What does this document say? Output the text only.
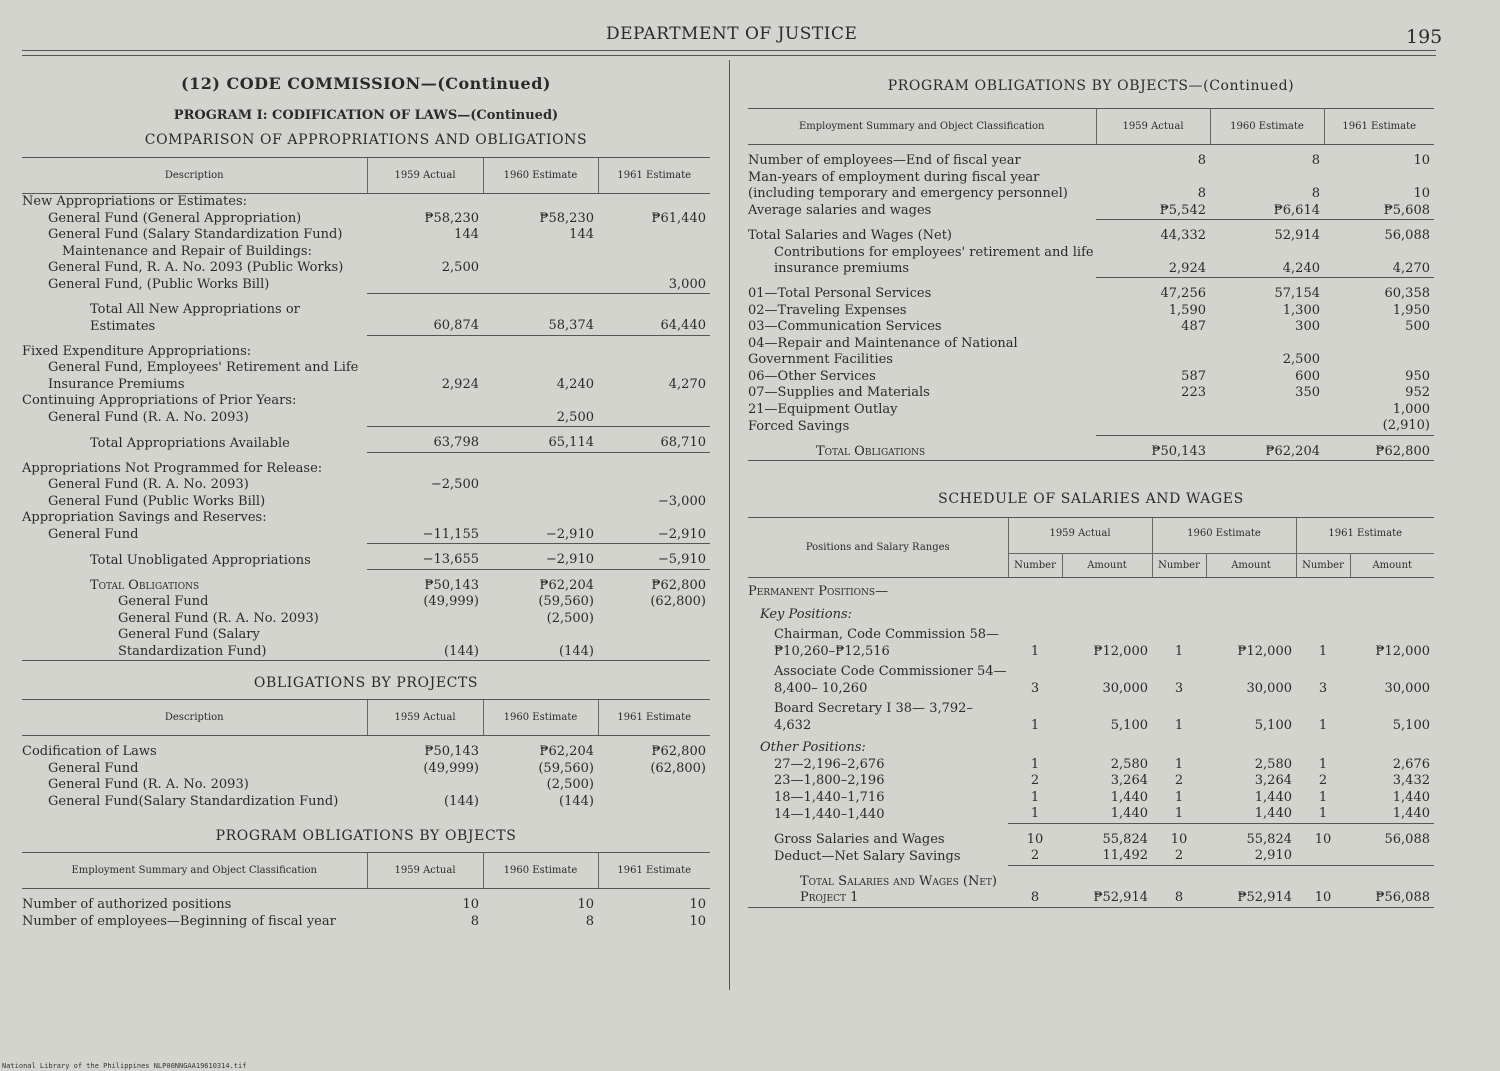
DEPARTMENT OF JUSTICE	195
(12) CODE COMMISSION—(Continued)
PROGRAM I: CODIFICATION OF LAWS—(Continued)
COMPARISON OF APPROPRIATIONS AND OBLIGATIONS
Description	1959 Actual	1960 Estimate	1961 Estimate
New Appropriations or Estimates:			
General Fund (General Appropriation)	₱58,230	₱58,230	₱61,440
General Fund (Salary Standardization Fund)	144	144	
Maintenance and Repair of Buildings:			
General Fund, R. A. No. 2093 (Public Works)	2,500		
General Fund, (Public Works Bill)			3,000

Total All New Appropriations or Estimates	60,874	58,374	64,440

Fixed Expenditure Appropriations:			
General Fund, Employees' Retirement and Life Insurance Premiums	2,924	4,240	4,270
Continuing Appropriations of Prior Years:			
General Fund (R. A. No. 2093)		2,500	

Total Appropriations Available	63,798	65,114	68,710

Appropriations Not Programmed for Release:			
General Fund (R. A. No. 2093)	−2,500		
General Fund (Public Works Bill)			−3,000
Appropriation Savings and Reserves:			
General Fund	−11,155	−2,910	−2,910

Total Unobligated Appropriations	−13,655	−2,910	−5,910

Total Obligations	₱50,143	₱62,204	₱62,800
General Fund	(49,999)	(59,560)	(62,800)
General Fund (R. A. No. 2093)		(2,500)	
General Fund (Salary Standardization Fund)	(144)	(144)	
OBLIGATIONS BY PROJECTS
Description	1959 Actual	1960 Estimate	1961 Estimate

Codification of Laws	₱50,143	₱62,204	₱62,800
General Fund	(49,999)	(59,560)	(62,800)
General Fund (R. A. No. 2093)		(2,500)	
General Fund(Salary Standardization Fund)	(144)	(144)	
PROGRAM OBLIGATIONS BY OBJECTS
Employment Summary and Object Classification	1959 Actual	1960 Estimate	1961 Estimate

Number of authorized positions	10	10	10
Number of employees—Beginning of fiscal year	8	8	10
PROGRAM OBLIGATIONS BY OBJECTS—(Continued)
Employment Summary and Object Classification	1959 Actual	1960 Estimate	1961 Estimate

Number of employees—End of fiscal year	8	8	10
Man-years of employment during fiscal year (including temporary and emergency personnel)	8	8	10
Average salaries and wages	₱5,542	₱6,614	₱5,608

Total Salaries and Wages (Net)	44,332	52,914	56,088
Contributions for employees' retirement and life insurance premiums	2,924	4,240	4,270

01—Total Personal Services	47,256	57,154	60,358
02—Traveling Expenses	1,590	1,300	1,950
03—Communication Services	487	300	500
04—Repair and Maintenance of National Government Facilities		2,500	
06—Other Services	587	600	950
07—Supplies and Materials	223	350	952
21—Equipment Outlay			1,000
Forced Savings			(2,910)

Total Obligations	₱50,143	₱62,204	₱62,800
SCHEDULE OF SALARIES AND WAGES
Positions and Salary Ranges	1959 Actual		1960 Estimate		1961 Estimate	
	Number	Amount	Number	Amount	Number	Amount
Permanent Positions—						
Key Positions:						
Chairman, Code Commission 58—₱10,260–₱12,516	1	₱12,000	1	₱12,000	1	₱12,000
Associate Code Commissioner 54— 8,400– 10,260	3	30,000	3	30,000	3	30,000
Board Secretary I 38— 3,792– 4,632	1	5,100	1	5,100	1	5,100
Other Positions:						
27—2,196–2,676	1	2,580	1	2,580	1	2,676
23—1,800–2,196	2	3,264	2	3,264	2	3,432
18—1,440–1,716	1	1,440	1	1,440	1	1,440
14—1,440–1,440	1	1,440	1	1,440	1	1,440

Gross Salaries and Wages	10	55,824	10	55,824	10	56,088
Deduct—Net Salary Savings	2	11,492	2	2,910		

Total Salaries and Wages (Net) Project 1	8	₱52,914	8	₱52,914	10	₱56,088
National Library of the Philippines NLP00NNGAA19610314.tif
